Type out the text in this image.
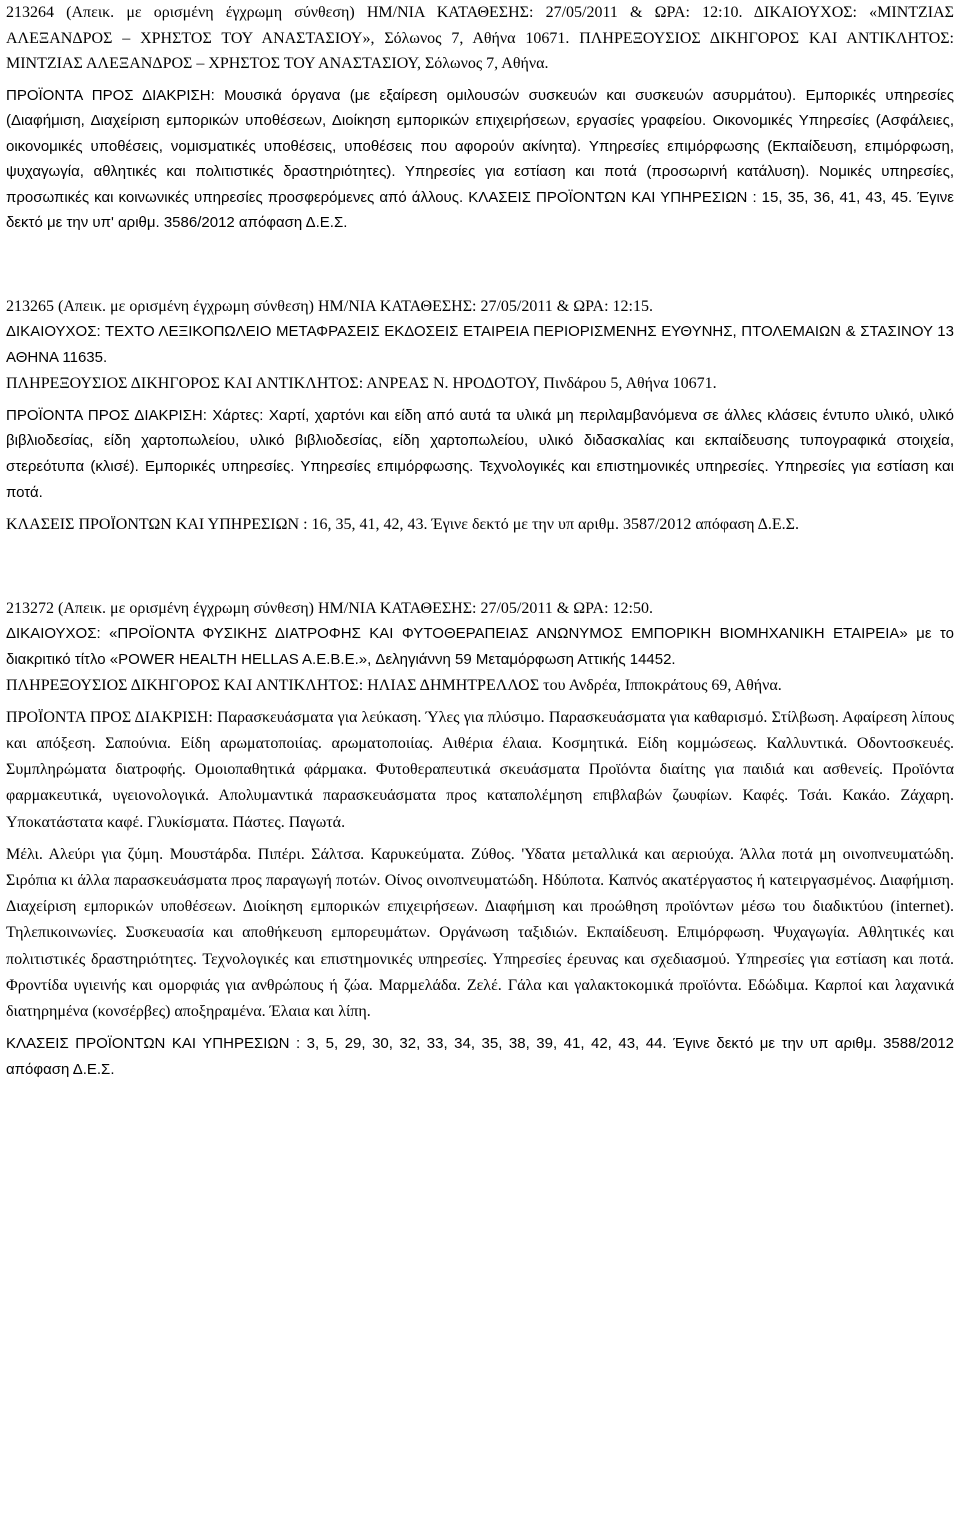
213264 (Απεικ. με ορισμένη έγχρωμη σύνθεση) ΗΜ/ΝΙΑ ΚΑΤΑΘΕΣΗΣ: 27/05/2011 & ΩΡΑ: 12:10. ΔΙΚΑΙΟΥΧΟΣ: «ΜΙΝΤΖΙΑΣ ΑΛΕΞΑΝΔΡΟΣ – ΧΡΗΣΤΟΣ ΤΟΥ ΑΝΑΣΤΑΣΙΟΥ», Σόλωνος 7, Αθήνα 10671. ΠΛΗΡΕΞΟΥΣΙΟΣ ΔΙΚΗΓΟΡΟΣ ΚΑΙ ΑΝΤΙΚΛΗΤΟΣ: ΜΙΝΤΖΙΑΣ ΑΛΕΞΑΝΔΡΟΣ – ΧΡΗΣΤΟΣ ΤΟΥ ΑΝΑΣΤΑΣΙΟΥ, Σόλωνος 7, Αθήνα.

ΠΡΟΪΟΝΤΑ ΠΡΟΣ ΔΙΑΚΡΙΣΗ: Μουσικά όργανα (με εξαίρεση ομιλουσών συσκευών και συσκευών ασυρμάτου). Εμπορικές υπηρεσίες (Διαφήμιση, Διαχείριση εμπορικών υποθέσεων, Διοίκηση εμπορικών επιχειρήσεων, εργασίες γραφείου. Οικονομικές Υπηρεσίες (Ασφάλειες, οικονομικές υποθέσεις, νομισματικές υποθέσεις, υποθέσεις που αφορούν ακίνητα). Υπηρεσίες επιμόρφωσης (Εκπαίδευση, επιμόρφωση, ψυχαγωγία, αθλητικές και πολιτιστικές δραστηριότητες). Υπηρεσίες για εστίαση και ποτά (προσωρινή κατάλυση). Νομικές υπηρεσίες, προσωπικές και κοινωνικές υπηρεσίες προσφερόμενες από άλλους. ΚΛΑΣΕΙΣ ΠΡΟΪΟΝΤΩΝ ΚΑΙ ΥΠΗΡΕΣΙΩΝ : 15, 35, 36, 41, 43, 45. Έγινε δεκτό με την υπ' αριθμ. 3586/2012 απόφαση Δ.Ε.Σ.

213265 (Απεικ. με ορισμένη έγχρωμη σύνθεση) ΗΜ/ΝΙΑ ΚΑΤΑΘΕΣΗΣ: 27/05/2011 & ΩΡΑ: 12:15.

ΔΙΚΑΙΟΥΧΟΣ: ΤΕΧΤΟ ΛΕΞΙΚΟΠΩΛΕΙΟ ΜΕΤΑΦΡΑΣΕΙΣ ΕΚΔΟΣΕΙΣ ΕΤΑΙΡΕΙΑ ΠΕΡΙΟΡΙΣΜΕΝΗΣ ΕΥΘΥΝΗΣ, ΠΤΟΛΕΜΑΙΩΝ & ΣΤΑΣΙΝΟΥ 13 ΑΘΗΝΑ 11635.

ΠΛΗΡΕΞΟΥΣΙΟΣ ΔΙΚΗΓΟΡΟΣ ΚΑΙ ΑΝΤΙΚΛΗΤΟΣ: ΑΝΡΕΑΣ Ν. ΗΡΟΔΟΤΟΥ, Πινδάρου 5, Αθήνα 10671.

ΠΡΟΪΟΝΤΑ ΠΡΟΣ ΔΙΑΚΡΙΣΗ: Χάρτες: Χαρτί, χαρτόνι και είδη από αυτά τα υλικά μη περιλαμβανόμενα σε άλλες κλάσεις έντυπο υλικό, υλικό βιβλιοδεσίας, είδη χαρτοπωλείου, υλικό βιβλιοδεσίας, είδη χαρτοπωλείου, υλικό διδασκαλίας και εκπαίδευσης τυπογραφικά στοιχεία, στερεότυπα (κλισέ). Εμπορικές υπηρεσίες. Υπηρεσίες επιμόρφωσης. Τεχνολογικές και επιστημονικές υπηρεσίες. Υπηρεσίες για εστίαση και ποτά.

ΚΛΑΣΕΙΣ ΠΡΟΪΟΝΤΩΝ ΚΑΙ ΥΠΗΡΕΣΙΩΝ : 16, 35, 41, 42, 43. Έγινε δεκτό με την υπ αριθμ. 3587/2012 απόφαση Δ.Ε.Σ.

213272 (Απεικ. με ορισμένη έγχρωμη σύνθεση) ΗΜ/ΝΙΑ ΚΑΤΑΘΕΣΗΣ: 27/05/2011 & ΩΡΑ: 12:50.

ΔΙΚΑΙΟΥΧΟΣ: «ΠΡΟΪΟΝΤΑ ΦΥΣΙΚΗΣ ΔΙΑΤΡΟΦΗΣ ΚΑΙ ΦΥΤΟΘΕΡΑΠΕΙΑΣ ΑΝΩΝΥΜΟΣ ΕΜΠΟΡΙΚΗ ΒΙΟΜΗΧΑΝΙΚΗ ΕΤΑΙΡΕΙΑ» με το διακριτικό τίτλο «POWER HEALTH HELLAS A.E.B.E.», Δεληγιάννη 59 Μεταμόρφωση Αττικής 14452.

ΠΛΗΡΕΞΟΥΣΙΟΣ ΔΙΚΗΓΟΡΟΣ ΚΑΙ ΑΝΤΙΚΛΗΤΟΣ: ΗΛΙΑΣ ΔΗΜΗΤΡΕΛΛΟΣ του Ανδρέα, Ιπποκράτους 69, Αθήνα.

ΠΡΟΪΟΝΤΑ ΠΡΟΣ ΔΙΑΚΡΙΣΗ: Παρασκευάσματα για λεύκαση. Ύλες για πλύσιμο. Παρασκευάσματα για καθαρισμό. Στίλβωση. Αφαίρεση λίπους και απόξεση. Σαπούνια. Είδη αρωματοποιίας. αρωματοποιίας. Αιθέρια έλαια. Κοσμητικά. Είδη κομμώσεως. Καλλυντικά. Οδοντοσκευές. Συμπληρώματα διατροφής. Ομοιοπαθητικά φάρμακα. Φυτοθεραπευτικά σκευάσματα Προϊόντα διαίτης για παιδιά και ασθενείς. Προϊόντα φαρμακευτικά, υγειονολογικά. Απολυμαντικά παρασκευάσματα προς καταπολέμηση επιβλαβών ζωυφίων. Καφές. Τσάι. Κακάο. Ζάχαρη. Υποκατάστατα καφέ. Γλυκίσματα. Πάστες. Παγωτά.

Μέλι. Αλεύρι για ζύμη. Μουστάρδα. Πιπέρι. Σάλτσα. Καρυκεύματα. Ζύθος. 'Υδατα μεταλλικά και αεριούχα. Άλλα ποτά μη οινοπνευματώδη. Σιρόπια κι άλλα παρασκευάσματα προς παραγωγή ποτών. Οίνος οινοπνευματώδη. Ηδύποτα. Καπνός ακατέργαστος ή κατειργασμένος. Διαφήμιση. Διαχείριση εμπορικών υποθέσεων. Διοίκηση εμπορικών επιχειρήσεων. Διαφήμιση και προώθηση προϊόντων μέσω του διαδικτύου (internet). Τηλεπικοινωνίες. Συσκευασία και αποθήκευση εμπορευμάτων. Οργάνωση ταξιδιών. Εκπαίδευση. Επιμόρφωση. Ψυχαγωγία. Αθλητικές και πολιτιστικές δραστηριότητες. Τεχνολογικές και επιστημονικές υπηρεσίες. Υπηρεσίες έρευνας και σχεδιασμού. Υπηρεσίες για εστίαση και ποτά. Φροντίδα υγιεινής και ομορφιάς για ανθρώπους ή ζώα. Μαρμελάδα. Ζελέ. Γάλα και γαλακτοκομικά προϊόντα. Εδώδιμα. Καρποί και λαχανικά διατηρημένα (κονσέρβες) αποξηραμένα. Έλαια και λίπη.

ΚΛΑΣΕΙΣ ΠΡΟΪΟΝΤΩΝ ΚΑΙ ΥΠΗΡΕΣΙΩΝ : 3, 5, 29, 30, 32, 33, 34, 35, 38, 39, 41, 42, 43, 44. Έγινε δεκτό με την υπ αριθμ. 3588/2012 απόφαση Δ.Ε.Σ.
